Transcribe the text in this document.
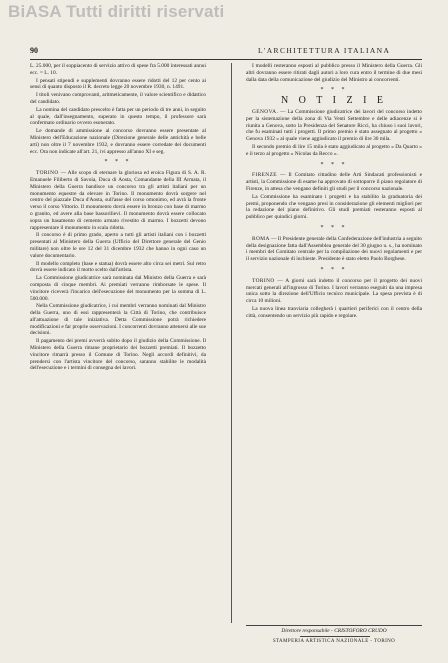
BiASA Tutti diritti riservati
90	L'ARCHITETTURA ITALIANA

L. 25.000, per il soppiacento di servizio attivo di spese fra 5.000 interessati annui ecc. = L. 10.

I pensati stipendi e supplementi dovranno essere ridotti del 12 per cento ai sensi di quanto disposto il R. decreto legge 20 novembre 1930, n. 1491.

I titoli venivano comprovanti, aritmeticamente, il valore scientifico e didattico del candidato.

La nomina del candidato prescelto è fatta per un periodo di tre anni, in seguito al quale, dall'insegnamento, superato in questo tempo, il professore sarà confermato ordinario ovvero esonerato.

Le domande di ammissione al concorso dovranno essere presentate al Ministero dell'Educazione nazionale (Direzione generale delle antichità e belle arti) non oltre il 7 novembre 1932, e dovranno essere corredate dei documenti ecc. Ora non indicate all'art. 21, ivi appresso all'anno XI e seg.

* * *

TORINO — Alle scopo di eternare la gloriosa ed eroica Figura di S. A. R. Emanuele Filiberto di Savoia, Duca di Aosta, Comandante della III Armata, il Ministero della Guerra bandisce un concorso tra gli artisti italiani per un monumento equestre da elevare in Torino. Il monumento dovrà sorgere nel centro del piazzale Duca d'Aosta, sull'asse del corso omonimo, ed avrà la fronte verso il corso Vittorio. Il monumento dovrà essere in bronzo con base di marmo o granito, ed avere alla base bassorilievi. Il monumento dovrà essere collocato sopra un basamento di cemento armato rivestito di marmo. I bozzetti devono rappresentare il monumento in scala ridotta.

Il concorso è di primo grado, aperto a tutti gli artisti italiani con i bozzetti presentati al Ministero della Guerra (Ufficio del Direttore generale del Genio militare) non oltre le ore 12 del 31 dicembre 1932 che hanno in ogni caso un valore documentario.

Il modello completo (base e statua) dovrà essere alto circa sei metri. Sul retro dovrà essere indicato il motto scelto dall'artista.

La Commissione giudicatrice sarà nominata dal Ministro della Guerra e sarà composta di cinque membri. Ai premiati verranno rimborsate le spese. Il vincitore riceverà l'incarico dell'esecuzione del monumento per la somma di L. 500.000.

Nella Commissione giudicatrice, i cui membri verranno nominati dal Ministro della Guerra, uno di essi rappresenterà la Città di Torino, che contribuisce all'attuazione di tale iniziativa. Detta Commissione potrà richiedere modificazioni e far proprie osservazioni. I concorrenti dovranno attenersi alle sue decisioni.

Il pagamento dei premi avverrà subito dopo il giudizio della Commissione. Il Ministero della Guerra rimane proprietario dei bozzetti premiati. Il bozzetto vincitore rimarrà presso il Comune di Torino. Negli accordi definitivi, da prendersi con l'artista vincitore del concorso, saranno stabilite le modalità dell'esecuzione e i termini di consegna dei lavori.

I modelli resteranno esposti al pubblico presso il Ministero della Guerra. Gli altri dovranno essere ritirati dagli autori a loro cura entro il termine di due mesi dalla data della comunicazione del giudizio del Ministro ai concorrenti.

* * *
N O T I Z I E

GENOVA. — La Commissione giudicatrice dei lavori del concorso indetto per la sistemazione della zona di Via Venti Settembre e delle adiacenze si è riunita a Genova, sotto la Presidenza del Senatore Ricci, ha chiuso i suoi lavori, che fu esaminati tutti i progetti. Il primo premio è stato assegnato al progetto « Genova 1932 » al quale viene aggiudicato il premio di lire 30 mila.

Il secondo premio di lire 15 mila è stato aggiudicato al progetto « Da Quarto » e il terzo al progetto « Nicolas da Recco ».

* * *

FIRENZE — Il Comitato cittadino delle Arti Sindacati professionisti e artisti, la Commissione di esame ha approvato di sottoporre il piano regolatore di Firenze, in attesa che vengano definiti gli studi per il concorso nazionale.

La Commissione ha esaminato i progetti e ha stabilito la graduatoria dei premi, proponendo che vengano presi in considerazione gli elementi migliori per la redazione del piano definitivo. Gli studi premiati resteranno esposti al pubblico per quindici giorni.

* * *

ROMA — Il Presidente generale della Confederazione dell'industria a seguito della designazione fatta dall'Assemblea generale del 30 giugno u. s., ha nominato i membri del Comitato centrale per la compilazione dei nuovi regolamenti e per il servizio nazionale di inchieste. Presidente è stato eletto Paolo Borghese.

* * *

TORINO — A giorni sarà indetto il concorso per il progetto dei nuovi mercati generali all'ingrosso di Torino. I lavori verranno eseguiti da una impresa unica sotto la direzione dell'Ufficio tecnico municipale. La spesa prevista è di circa 10 milioni.

La nuova linea tranviaria collegherà i quartieri periferici con il centro della città, consentendo un servizio più rapido e regolare.

Direttore responsabile - CRISTOFORO CRUDO
STAMPERIA ARTISTICA NAZIONALE - TORINO
